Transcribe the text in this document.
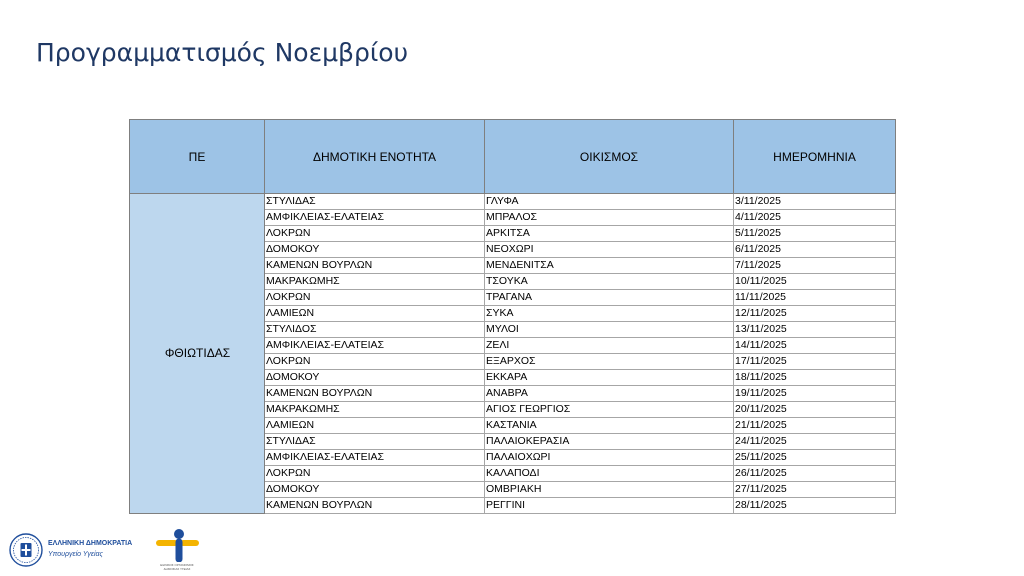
Προγραμματισμός Νοεμβρίου
ΠΕ	ΔΗΜΟΤΙΚΗ ΕΝΟΤΗΤΑ	ΟΙΚΙΣΜΟΣ	ΗΜΕΡΟΜΗΝΙΑ
ΦΘΙΩΤΙΔΑΣ	ΣΤΥΛΙΔΑΣ	ΓΛΥΦΑ	3/11/2025
	ΑΜΦΙΚΛΕΙΑΣ-ΕΛΑΤΕΙΑΣ	ΜΠΡΑΛΟΣ	4/11/2025
	ΛΟΚΡΩΝ	ΑΡΚΙΤΣΑ	5/11/2025
	ΔΟΜΟΚΟΥ	ΝΕΟΧΩΡΙ	6/11/2025
	ΚΑΜΕΝΩΝ ΒΟΥΡΛΩΝ	ΜΕΝΔΕΝΙΤΣΑ	7/11/2025
	ΜΑΚΡΑΚΩΜΗΣ	ΤΣΟΥΚΑ	10/11/2025
	ΛΟΚΡΩΝ	ΤΡΑΓΑΝΑ	11/11/2025
	ΛΑΜΙΕΩΝ	ΣΥΚΑ	12/11/2025
	ΣΤΥΛΙΔΟΣ	ΜΥΛΟΙ	13/11/2025
	ΑΜΦΙΚΛΕΙΑΣ-ΕΛΑΤΕΙΑΣ	ΖΕΛΙ	14/11/2025
	ΛΟΚΡΩΝ	ΕΞΑΡΧΟΣ	17/11/2025
	ΔΟΜΟΚΟΥ	ΕΚΚΑΡΑ	18/11/2025
	ΚΑΜΕΝΩΝ ΒΟΥΡΛΩΝ	ΑΝΑΒΡΑ	19/11/2025
	ΜΑΚΡΑΚΩΜΗΣ	ΑΓΙΟΣ ΓΕΩΡΓΙΟΣ	20/11/2025
	ΛΑΜΙΕΩΝ	ΚΑΣΤΑΝΙΑ	21/11/2025
	ΣΤΥΛΙΔΑΣ	ΠΑΛΑΙΟΚΕΡΑΣΙΑ	24/11/2025
	ΑΜΦΙΚΛΕΙΑΣ-ΕΛΑΤΕΙΑΣ	ΠΑΛΑΙΟΧΩΡΙ	25/11/2025
	ΛΟΚΡΩΝ	ΚΑΛΑΠΟΔΙ	26/11/2025
	ΔΟΜΟΚΟΥ	ΟΜΒΡΙΑΚΗ	27/11/2025
	ΚΑΜΕΝΩΝ ΒΟΥΡΛΩΝ	ΡΕΓΓΙΝΙ	28/11/2025
ΕΛΛΗΝΙΚΗ ΔΗΜΟΚΡΑΤΙΑ
Υπουργείο Υγείας
ΕΘΝΙΚΟΣ ΟΡΓΑΝΙΣΜΟΣ ΔΗΜΟΣΙΑΣ ΥΓΕΙΑΣ
